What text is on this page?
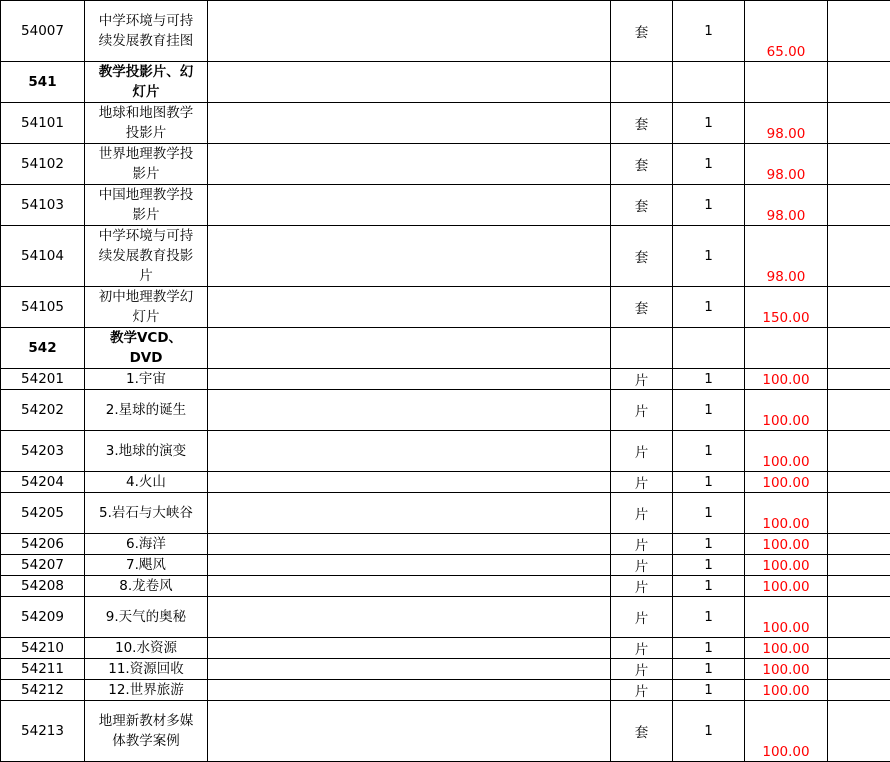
54007	中学环境与可持续发展教育挂图		套	1	65.00	
541	教学投影片、幻灯片					
54101	地球和地图教学投影片		套	1	98.00	
54102	世界地理教学投影片		套	1	98.00	
54103	中国地理教学投影片		套	1	98.00	
54104	中学环境与可持续发展教育投影片		套	1	98.00	
54105	初中地理教学幻灯片		套	1	150.00	
542	教学VCD、DVD					
54201	1.宇宙		片	1	100.00	
54202	2.星球的诞生		片	1	100.00	
54203	3.地球的演变		片	1	100.00	
54204	4.火山		片	1	100.00	
54205	5.岩石与大峡谷		片	1	100.00	
54206	6.海洋		片	1	100.00	
54207	7.飓风		片	1	100.00	
54208	8.龙卷风		片	1	100.00	
54209	9.天气的奥秘		片	1	100.00	
54210	10.水资源		片	1	100.00	
54211	11.资源回收		片	1	100.00	
54212	12.世界旅游		片	1	100.00	
54213	地理新教材多媒体教学案例		套	1	100.00	
